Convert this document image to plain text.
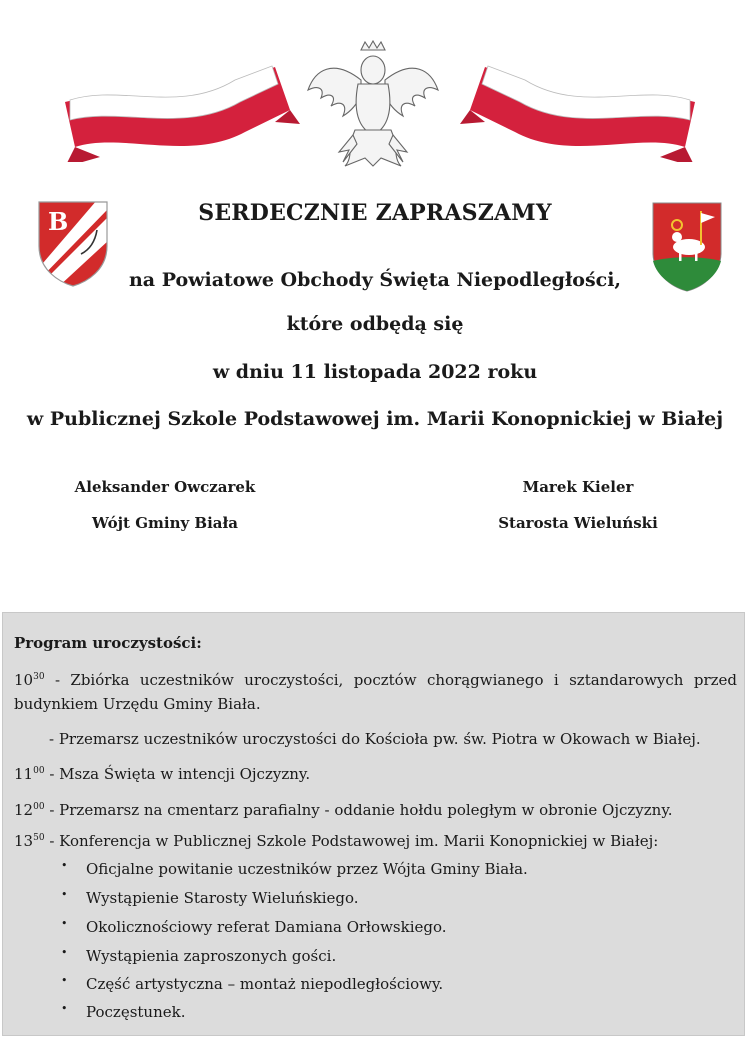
B	SERDECZNIE ZAPRASZAMY
na Powiatowe Obchody Święta Niepodległości,
które odbędą się
w dniu 11 listopada 2022 roku
w Publicznej Szkole Podstawowej im. Marii Konopnickiej w Białej
Aleksander Owczarek
Wójt Gminy Biała
Marek Kieler
Starosta Wieluński
Program uroczystości:
$10^{30}$ - Zbiórka uczestników uroczystości, pocztów chorągwianego i sztandarowych przed
budynkiem Urzędu Gminy Biała.
- Przemarsz uczestników uroczystości do Kościoła pw. św. Piotra w Okowach w Białej.
$11^{00}$ - Msza Święta w intencji Ojczyzny.
$12^{00}$ - Przemarsz na cmentarz parafialny - oddanie hołdu poległym w obronie Ojczyzny.
$13^{50}$ - Konferencja w Publicznej Szkole Podstawowej im. Marii Konopnickiej w Białej:
• Oficjalne powitanie uczestników przez Wójta Gminy Biała.
• Wystąpienie Starosty Wieluńskiego.
• Okolicznościowy referat Damiana Orłowskiego.
• Wystąpienia zaproszonych gości.
• Część artystyczna – montaż niepodległościowy.
• Poczęstunek.
